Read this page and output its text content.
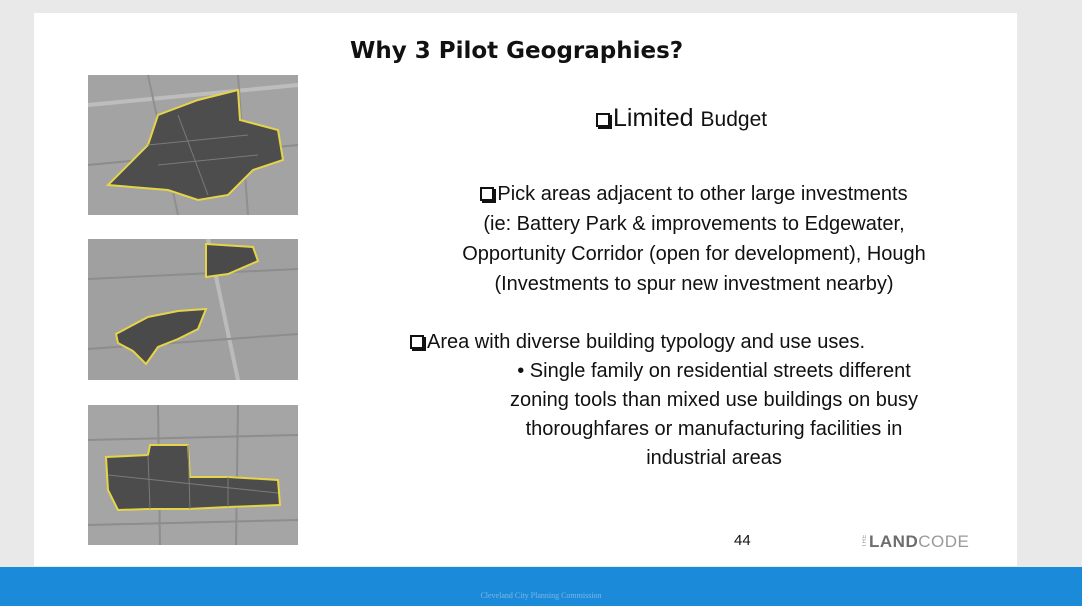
Why 3 Pilot Geographies?
Limited Budget
Pick areas adjacent to other large investments
(ie: Battery Park & improvements to Edgewater,
Opportunity Corridor (open for development), Hough
(Investments to spur new investment nearby)
Area with diverse building typology and use uses.
• Single family on residential streets different
zoning tools than mixed use buildings on busy
thoroughfares or manufacturing facilities in
industrial areas
44	THELANDCODE
Cleveland City Planning Commission
